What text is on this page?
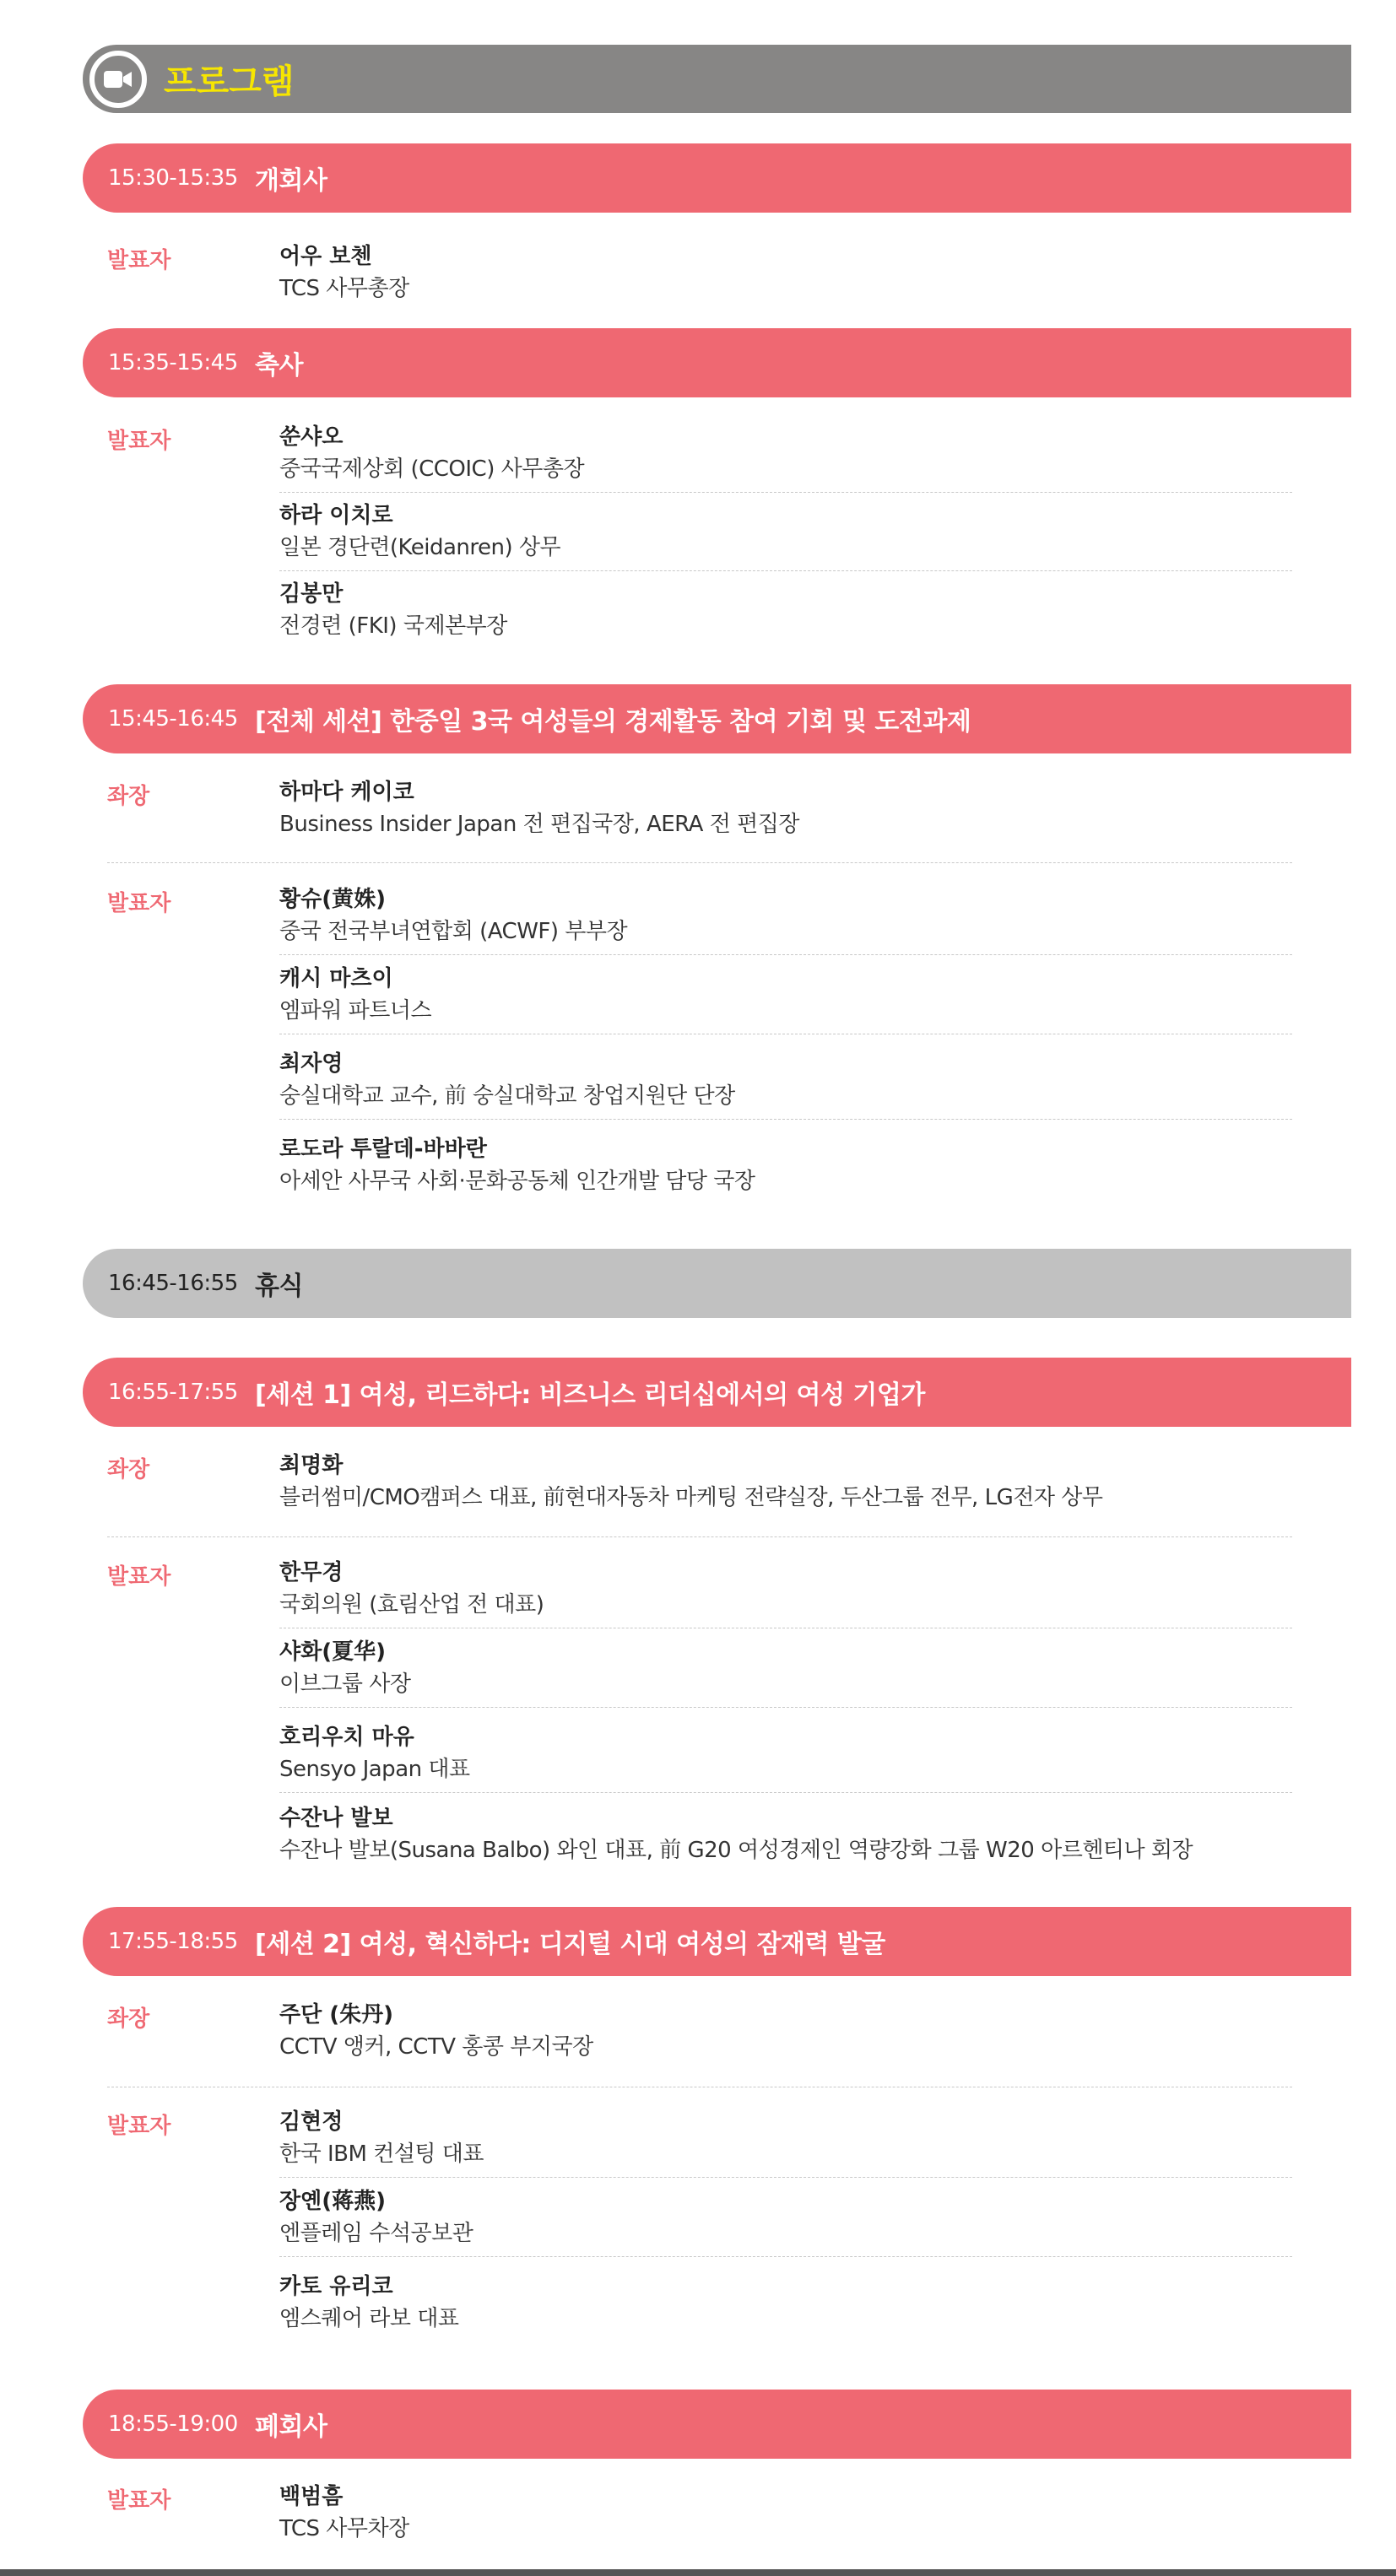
프로그램
15:30-15:35 개회사
발표자	어우 보첸
TCS 사무총장
15:35-15:45 축사
발표자	쑨샤오
중국국제상회 (CCOIC) 사무총장
하라 이치로
일본 경단련(Keidanren) 상무
김봉만
전경련 (FKI) 국제본부장
15:45-16:45 [전체 세션] 한중일 3국 여성들의 경제활동 참여 기회 및 도전과제
좌장	하마다 케이코
Business Insider Japan 전 편집국장, AERA 전 편집장
발표자	황슈(黄姝)
중국 전국부녀연합회 (ACWF) 부부장
캐시 마츠이
엠파워 파트너스
최자영
숭실대학교 교수, 前 숭실대학교 창업지원단 단장
로도라 투랄데-바바란
아세안 사무국 사회·문화공동체 인간개발 담당 국장
16:45-16:55 휴식
16:55-17:55 [세션 1] 여성, 리드하다: 비즈니스 리더십에서의 여성 기업가
좌장	최명화
블러썸미/CMO캠퍼스 대표, 前현대자동차 마케팅 전략실장, 두산그룹 전무, LG전자 상무
발표자	한무경
국회의원 (효림산업 전 대표)
샤화(夏华)
이브그룹 사장
호리우치 마유
Sensyo Japan 대표
수잔나 발보
수잔나 발보(Susana Balbo) 와인 대표, 前 G20 여성경제인 역량강화 그룹 W20 아르헨티나 회장
17:55-18:55 [세션 2] 여성, 혁신하다: 디지털 시대 여성의 잠재력 발굴
좌장	주단 (朱丹)
CCTV 앵커, CCTV 홍콩 부지국장
발표자	김현정
한국 IBM 컨설팅 대표
장옌(蒋燕)
엔플레임 수석공보관
카토 유리코
엠스퀘어 라보 대표
18:55-19:00 폐회사
발표자	백범흠
TCS 사무차장
